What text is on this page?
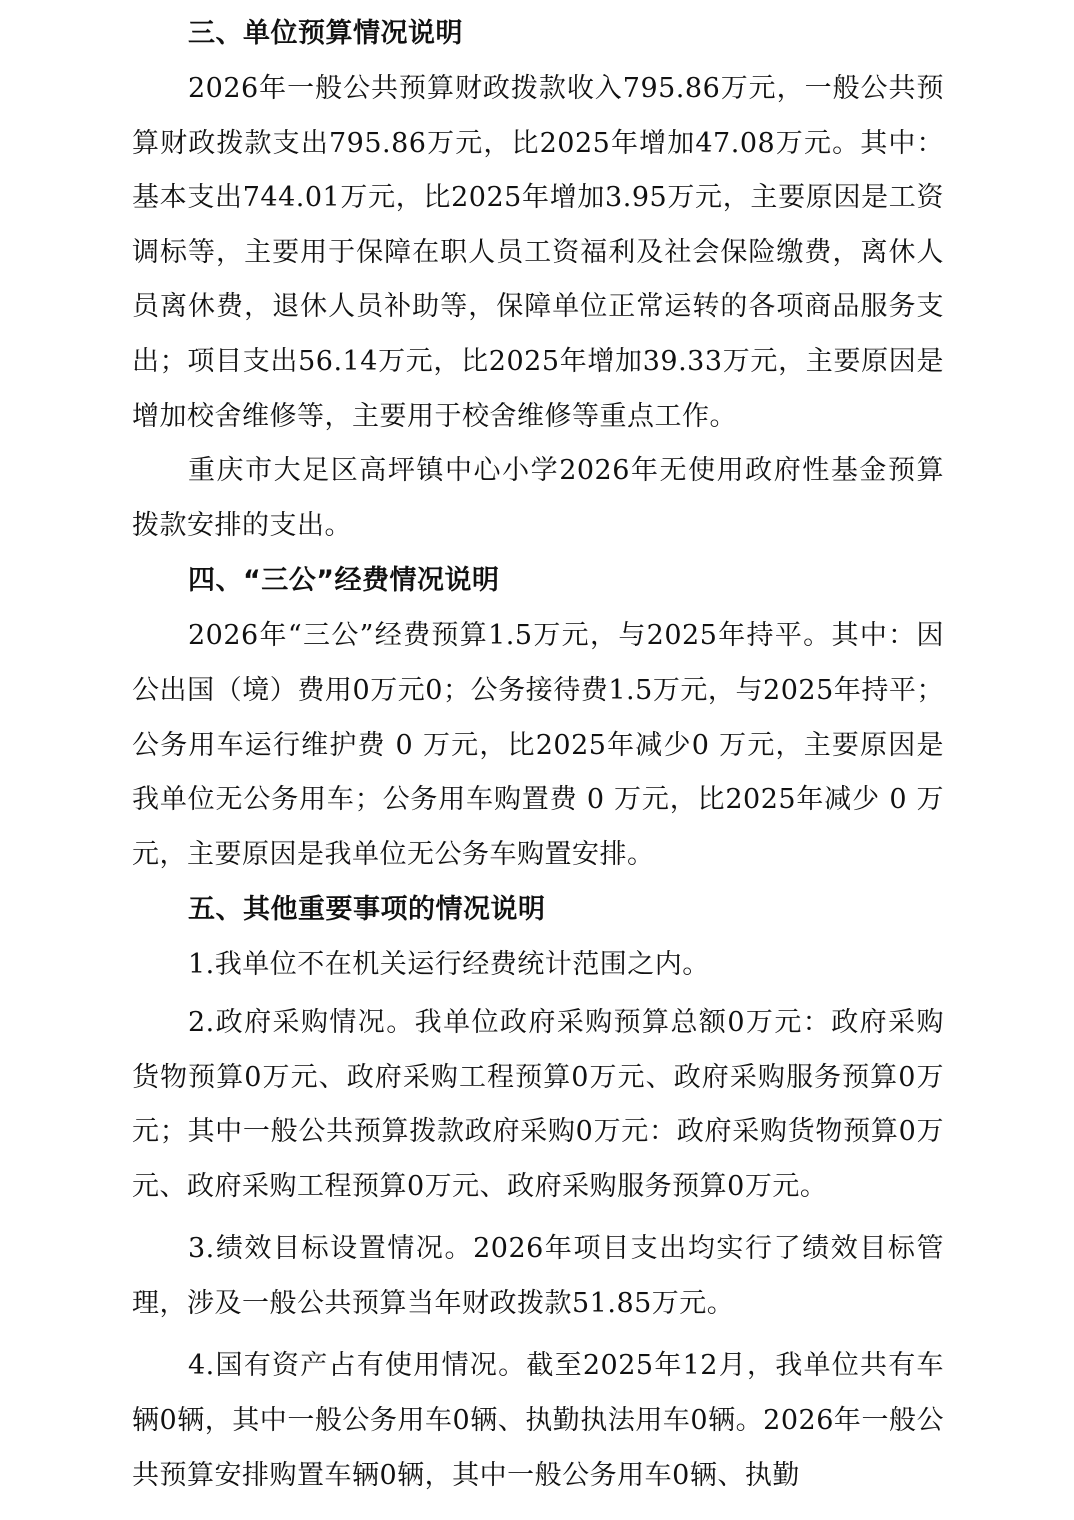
三、单位预算情况说明

2026年一般公共预算财政拨款收入795.86万元，一般公共预算财政拨款支出795.86万元，比2025年增加47.08万元。其中：基本支出744.01万元，比2025年增加3.95万元，主要原因是工资调标等，主要用于保障在职人员工资福利及社会保险缴费，离休人员离休费，退休人员补助等，保障单位正常运转的各项商品服务支出；项目支出56.14万元，比2025年增加39.33万元，主要原因是增加校舍维修等，主要用于校舍维修等重点工作。

重庆市大足区高坪镇中心小学2026年无使用政府性基金预算拨款安排的支出。

四、“三公”经费情况说明

2026年“三公”经费预算1.5万元，与2025年持平。其中：因公出国（境）费用0万元0；公务接待费1.5万元，与2025年持平；公务用车运行维护费 0 万元，比2025年减少0 万元，主要原因是我单位无公务用车；公务用车购置费 0 万元，比2025年减少 0 万元，主要原因是我单位无公务车购置安排。

五、其他重要事项的情况说明

1.我单位不在机关运行经费统计范围之内。

2.政府采购情况。我单位政府采购预算总额0万元：政府采购货物预算0万元、政府采购工程预算0万元、政府采购服务预算0万元；其中一般公共预算拨款政府采购0万元：政府采购货物预算0万元、政府采购工程预算0万元、政府采购服务预算0万元。

3.绩效目标设置情况。2026年项目支出均实行了绩效目标管理，涉及一般公共预算当年财政拨款51.85万元。

4.国有资产占有使用情况。截至2025年12月，我单位共有车辆0辆，其中一般公务用车0辆、执勤执法用车0辆。2026年一般公共预算安排购置车辆0辆，其中一般公务用车0辆、执勤
